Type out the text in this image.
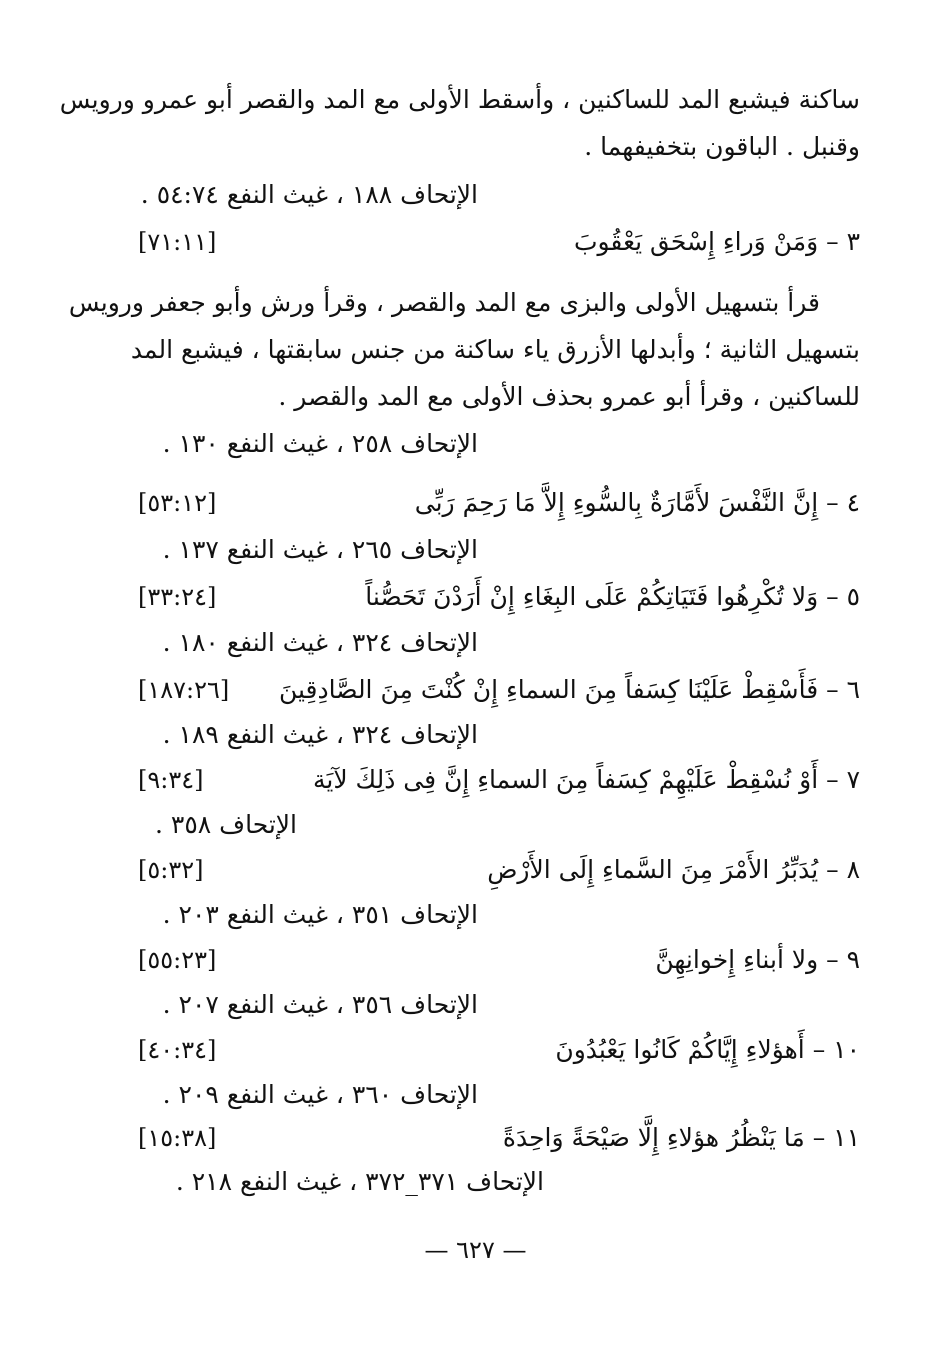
ساكنة فيشبع المد للساكنين ، وأسقط الأولى مع المد والقصر أبو عمرو ورويس
وقنبل . الباقون بتخفيفهما .
الإتحاف ١٨٨ ، غيث النفع ٥٤:٧٤ .
٣ – وَمَنْ وَراءِ إِسْحَق يَعْقُوبَ
[٧١:١١]
قرأ بتسهيل الأولى والبزى مع المد والقصر ، وقرأ ورش وأبو جعفر ورويس
بتسهيل الثانية ؛ وأبدلها الأزرق ياء ساكنة من جنس سابقتها ، فيشبع المد
للساكنين ، وقرأ أبو عمرو بحذف الأولى مع المد والقصر .
الإتحاف ٢٥٨ ، غيث النفع ١٣٠ .
٤ – إِنَّ النَّفْسَ لأَمَّارَةٌ بِالسُّوءِ إِلاَّ مَا رَحِمَ رَبِّى
[٥٣:١٢]
الإتحاف ٢٦٥ ، غيث النفع ١٣٧ .
٥ – وَلا تُكْرِهُوا فَتَيَاتِكُمْ عَلَى البِغَاءِ إِنْ أَرَدْنَ تَحَصُّناً
[٣٣:٢٤]
الإتحاف ٣٢٤ ، غيث النفع ١٨٠ .
٦ – فَأَسْقِطْ عَلَيْنَا كِسَفاً مِنَ السماءِ إِنْ كُنْتَ مِنَ الصَّادِقِينَ
[١٨٧:٢٦]
الإتحاف ٣٢٤ ، غيث النفع ١٨٩ .
٧ – أَوْ نُسْقِطْ عَلَيْهِمْ كِسَفاً مِنَ السماءِ إِنَّ فِى ذَلِكَ لآيَة
[٩:٣٤]
الإتحاف ٣٥٨ .
٨ – يُدَبِّرُ الأَمْرَ مِنَ السَّماءِ إِلَى الأَرْضِ
[٥:٣٢]
الإتحاف ٣٥١ ، غيث النفع ٢٠٣ .
٩ – ولا أبناءِ إِخوانِهِنَّ
[٥٥:٢٣]
الإتحاف ٣٥٦ ، غيث النفع ٢٠٧ .
١٠ – أَهؤلاءِ إِيَّاكُمْ كَانُوا يَعْبُدُونَ
[٤٠:٣٤]
الإتحاف ٣٦٠ ، غيث النفع ٢٠٩ .
١١ – مَا يَنْظُرُ هؤلاءِ إِلَّا صَيْحَةً وَاحِدَةً
[١٥:٣٨]
الإتحاف ٣٧١_٣٧٢ ، غيث النفع ٢١٨ .
— ٦٢٧ —
